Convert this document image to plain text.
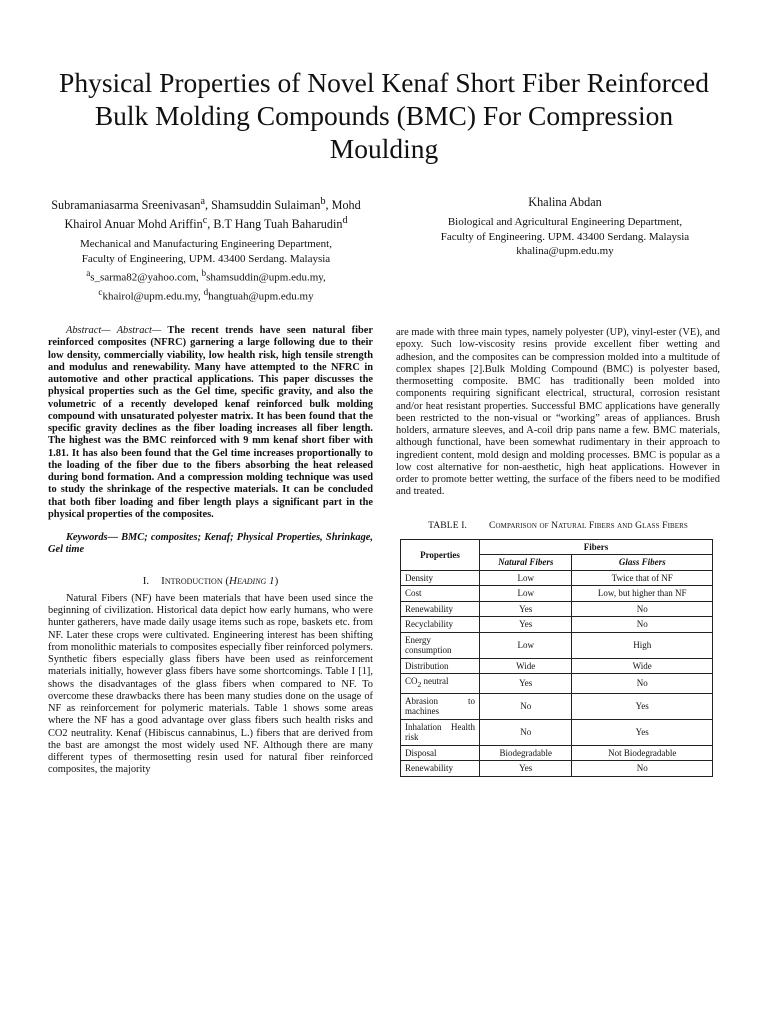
Physical Properties of Novel Kenaf Short Fiber Reinforced Bulk Molding Compounds (BMC) For Compression Moulding
Subramaniasarma Sreenivasan$^a$, Shamsuddin Sulaiman$^b$, Mohd Khairol Anuar Mohd Ariffin$^c$, B.T Hang Tuah Baharudin$^d$
Mechanical and Manufacturing Engineering Department,
Faculty of Engineering, UPM. 43400 Serdang. Malaysia
$^a$s_sarma82@yahoo.com, $^b$shamsuddin@upm.edu.my,
$^c$khairol@upm.edu.my, $^d$hangtuah@upm.edu.my
Khalina Abdan
Biological and Agricultural Engineering Department,
Faculty of Engineering. UPM. 43400 Serdang. Malaysia
khalina@upm.edu.my
Abstract— Abstract— The recent trends have seen natural fiber reinforced composites (NFRC) garnering a large following due to their low density, commercially viability, low health risk, high tensile strength and modulus and renewability. Many have attempted to the NFRC in automotive and other practical applications. This paper discusses the physical properties such as the Gel time, specific gravity, and also the volumetric of a recently developed kenaf reinforced bulk molding compound with unsaturated polyester matrix. It has been found that the specific gravity declines as the fiber loading increases all fiber length. The highest was the BMC reinforced with 9 mm kenaf short fiber with 1.81. It has also been found that the Gel time increases proportionally to the loading of the fiber due to the fibers absorbing the heat released during bond formation. And a compression molding technique was used to study the shrinkage of the respective materials. It can be concluded that both fiber loading and fiber length plays a significant part in the physical properties of the composites.
Keywords— BMC; composites; Kenaf; Physical Properties, Shrinkage, Gel time
I. Introduction (Heading 1)
Natural Fibers (NF) have been materials that have been used since the beginning of civilization. Historical data depict how early humans, who were hunter gatherers, have made daily usage items such as rope, baskets etc. from NF. Later these crops were cultivated. Engineering interest has been shifting from monolithic materials to composites especially fiber reinforced polymers. Synthetic fibers especially glass fibers have been used as reinforcement materials initially, however glass fibers have some shortcomings. Table I [1], shows the disadvantages of the glass fibers when compared to NF. To overcome these drawbacks there has been many studies done on the usage of NF as reinforcement for polymeric materials. Table 1 shows some areas where the NF has a good advantage over glass fibers such health risks and CO2 neutrality. Kenaf (Hibiscus cannabinus, L.) fibers that are derived from the bast are amongst the most widely used NF. Although there are many different types of thermosetting resin used for natural fiber reinforced composites, the majority
are made with three main types, namely polyester (UP), vinyl-ester (VE), and epoxy. Such low-viscosity resins provide excellent fiber wetting and adhesion, and the composites can be compression molded into a multitude of complex shapes [2].Bulk Molding Compound (BMC) is polyester based, thermosetting composite. BMC has traditionally been molded into components requiring significant electrical, structural, corrosion resistant and/or heat resistant properties. Successful BMC applications have generally been restricted to the non-visual or “working” areas of appliances. Brush holders, armature sleeves, and A-coil drip pans name a few. BMC materials, although functional, have been somewhat rudimentary in their approach to ingredient content, mold design and molding processes. BMC is popular as a low cost alternative for non-aesthetic, high heat applications. However in order to promote better wetting, the surface of the fibers need to be modified and treated.
TABLE I. Comparison of Natural Fibers and Glass Fibers
Properties	Fibers	
	Natural Fibers	Glass Fibers
Density	Low	Twice that of NF
Cost	Low	Low, but higher than NF
Renewability	Yes	No
Recyclability	Yes	No
Energy consumption	Low	High
Distribution	Wide	Wide
$CO_2$ neutral	Yes	No
Abrasion to machines	No	Yes
Inhalation Health risk	No	Yes
Disposal	Biodegradable	Not Biodegradable
Renewability	Yes	No
